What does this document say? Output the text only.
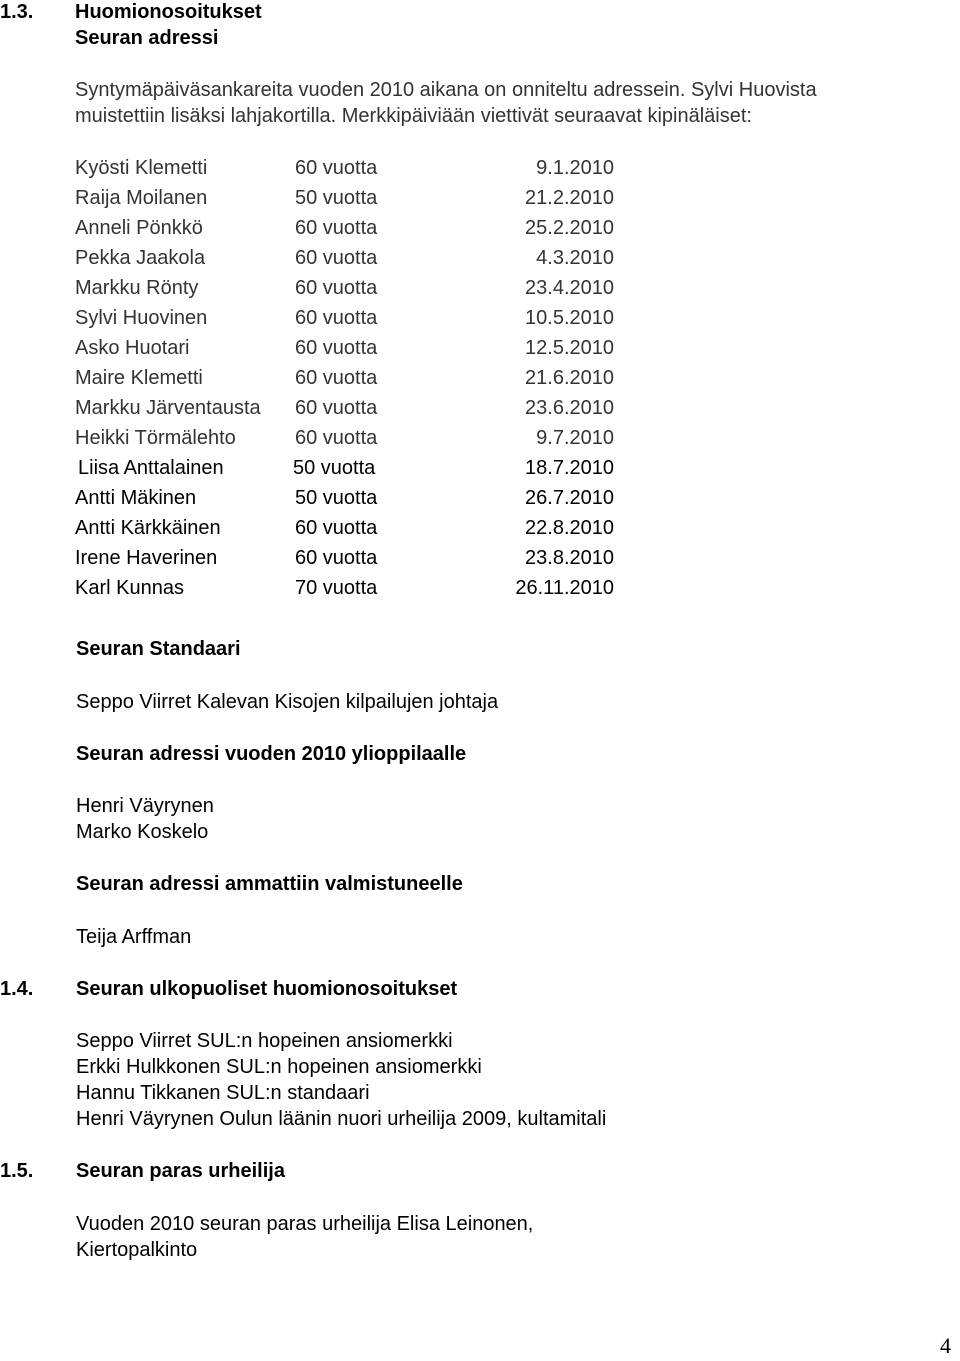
1.3. Huomionosoitukset
Seuran adressi
Syntymäpäiväsankareita vuoden 2010 aikana on onniteltu adressein. Sylvi Huovista
muistettiin lisäksi lahjakortilla. Merkkipäiviään viettivät seuraavat kipinäläiset:
Kyösti Klemetti	60 vuotta	9.1.2010
Raija Moilanen	50 vuotta	21.2.2010
Anneli Pönkkö	60 vuotta	25.2.2010
Pekka Jaakola	60 vuotta	4.3.2010
Markku Rönty	60 vuotta	23.4.2010
Sylvi Huovinen	60 vuotta	10.5.2010
Asko Huotari	60 vuotta	12.5.2010
Maire Klemetti	60 vuotta	21.6.2010
Markku Järventausta 60 vuotta	23.6.2010
Heikki Törmälehto	60 vuotta	9.7.2010
Liisa Anttalainen	50 vuotta	18.7.2010
Antti Mäkinen	50 vuotta	26.7.2010
Antti Kärkkäinen	60 vuotta	22.8.2010
Irene Haverinen	60 vuotta	23.8.2010
Karl Kunnas	70 vuotta	26.11.2010
Seuran Standaari
Seppo Viirret Kalevan Kisojen kilpailujen johtaja
Seuran adressi vuoden 2010 ylioppilaalle
Henri Väyrynen
Marko Koskelo
Seuran adressi ammattiin valmistuneelle
Teija Arffman
1.4. Seuran ulkopuoliset huomionosoitukset
Seppo Viirret SUL:n hopeinen ansiomerkki
Erkki Hulkkonen SUL:n hopeinen ansiomerkki
Hannu Tikkanen SUL:n standaari
Henri Väyrynen Oulun läänin nuori urheilija 2009, kultamitali
1.5. Seuran paras urheilija
Vuoden 2010 seuran paras urheilija Elisa Leinonen,
Kiertopalkinto
4
